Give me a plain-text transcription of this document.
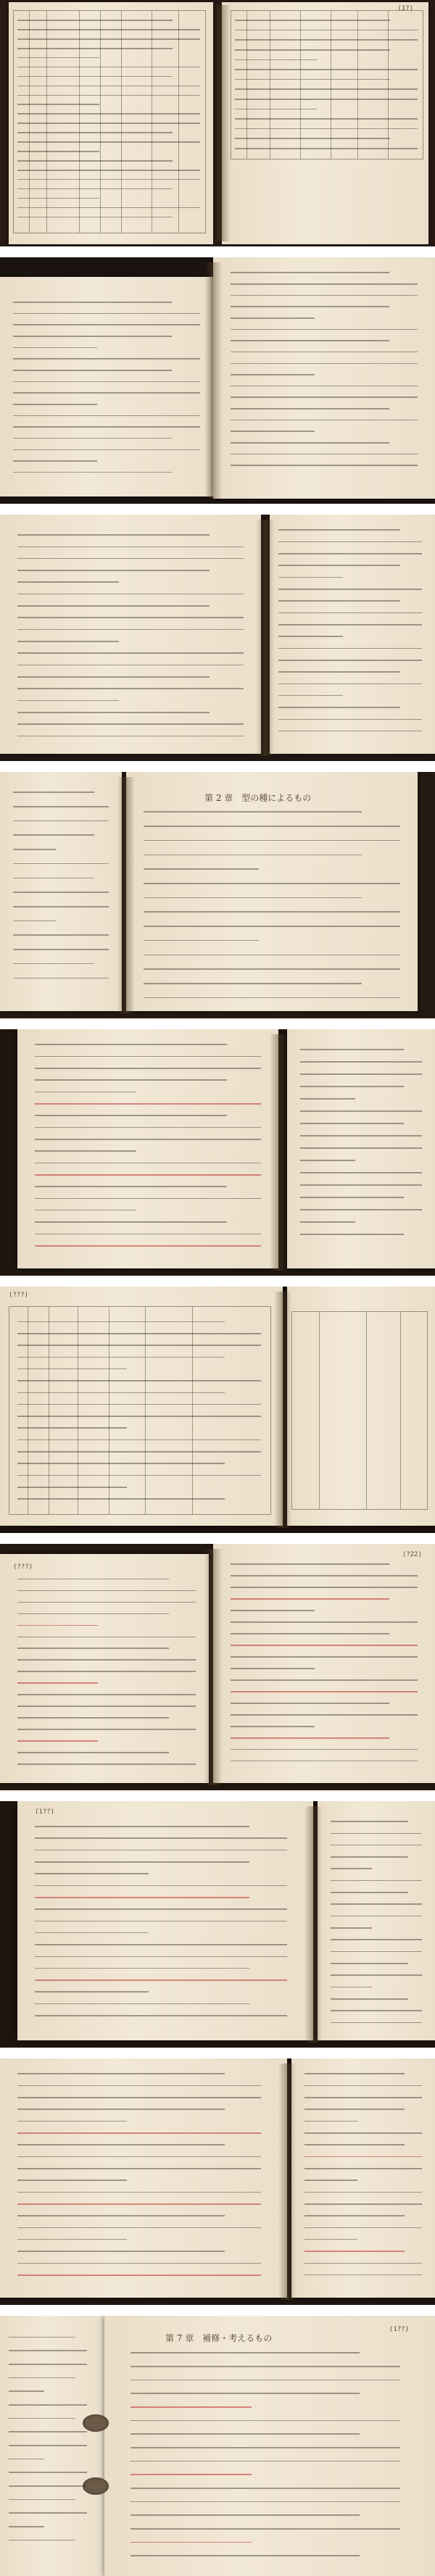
(1?)
第 2 章　型の種によるもの
(???)
(???)
(?22)
(1??)
(1??)
第 7 章　補修・考えるもの
